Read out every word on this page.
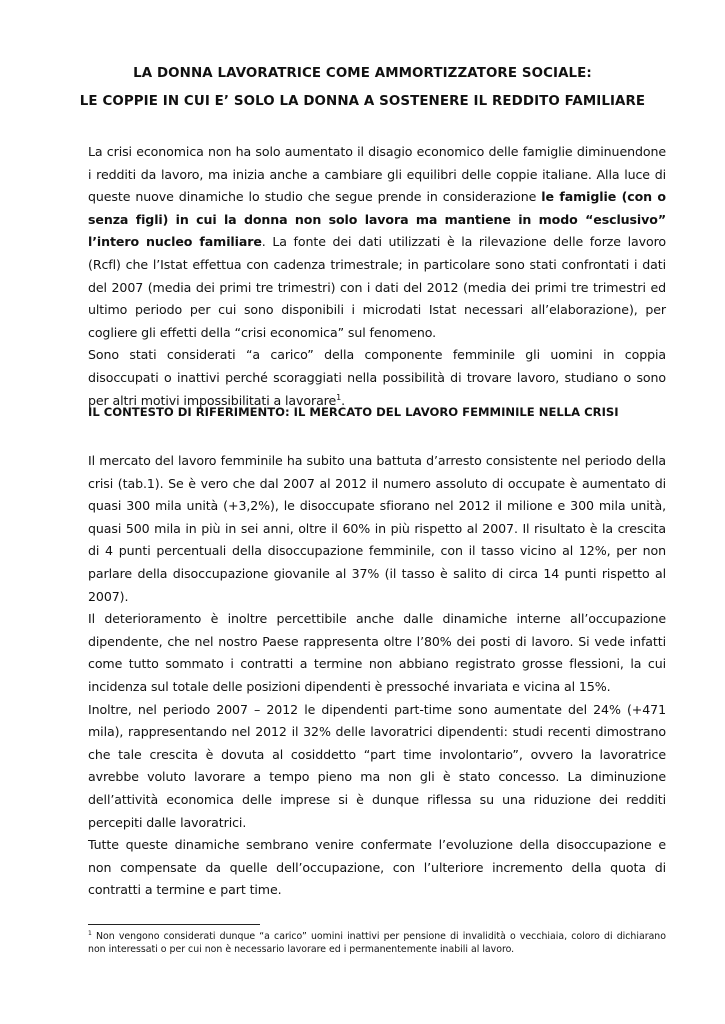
LA DONNA LAVORATRICE COME AMMORTIZZATORE SOCIALE:
LE COPPIE IN CUI E’ SOLO LA DONNA A SOSTENERE IL REDDITO FAMILIARE

La crisi economica non ha solo aumentato il disagio economico delle famiglie diminuendone i redditi da lavoro, ma inizia anche a cambiare gli equilibri delle coppie italiane. Alla luce di queste nuove dinamiche lo studio che segue prende in considerazione le famiglie (con o senza figli) in cui la donna non solo lavora ma mantiene in modo “esclusivo” l’intero nucleo familiare. La fonte dei dati utilizzati è la rilevazione delle forze lavoro (Rcfl) che l’Istat effettua con cadenza trimestrale; in particolare sono stati confrontati i dati del 2007 (media dei primi tre trimestri) con i dati del 2012 (media dei primi tre trimestri ed ultimo periodo per cui sono disponibili i microdati Istat necessari all’elaborazione), per cogliere gli effetti della “crisi economica” sul fenomeno.

Sono stati considerati “a carico” della componente femminile gli uomini in coppia disoccupati o inattivi perché scoraggiati nella possibilità di trovare lavoro, studiano o sono per altri motivi impossibilitati a lavorare$^1$.

IL CONTESTO DI RIFERIMENTO: IL MERCATO DEL LAVORO FEMMINILE NELLA CRISI

Il mercato del lavoro femminile ha subito una battuta d’arresto consistente nel periodo della crisi (tab.1). Se è vero che dal 2007 al 2012 il numero assoluto di occupate è aumentato di quasi 300 mila unità (+3,2%), le disoccupate sfiorano nel 2012 il milione e 300 mila unità, quasi 500 mila in più in sei anni, oltre il 60% in più rispetto al 2007. Il risultato è la crescita di 4 punti percentuali della disoccupazione femminile, con il tasso vicino al 12%, per non parlare della disoccupazione giovanile al 37% (il tasso è salito di circa 14 punti rispetto al 2007).

Il deterioramento è inoltre percettibile anche dalle dinamiche interne all’occupazione dipendente, che nel nostro Paese rappresenta oltre l’80% dei posti di lavoro. Si vede infatti come tutto sommato i contratti a termine non abbiano registrato grosse flessioni, la cui incidenza sul totale delle posizioni dipendenti è pressoché invariata e vicina al 15%.

Inoltre, nel periodo 2007 – 2012 le dipendenti part-time sono aumentate del 24% (+471 mila), rappresentando nel 2012 il 32% delle lavoratrici dipendenti: studi recenti dimostrano che tale crescita è dovuta al cosiddetto “part time involontario”, ovvero la lavoratrice avrebbe voluto lavorare a tempo pieno ma non gli è stato concesso. La diminuzione dell’attività economica delle imprese si è dunque riflessa su una riduzione dei redditi percepiti dalle lavoratrici.

Tutte queste dinamiche sembrano venire confermate l’evoluzione della disoccupazione e non compensate da quelle dell’occupazione, con l’ulteriore incremento della quota di contratti a termine e part time.

$^1$ Non vengono considerati dunque “a carico” uomini inattivi per pensione di invalidità o vecchiaia, coloro di dichiarano non interessati o per cui non è necessario lavorare ed i permanentemente inabili al lavoro.
